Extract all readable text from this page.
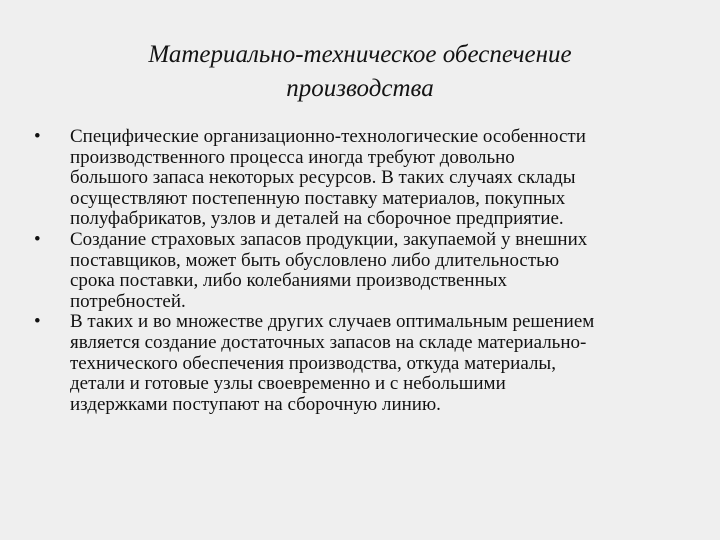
Материально-техническое обеспечение
производства
•	Специфические организационно-технологические особенности
производственного процесса иногда требуют довольно
большого запаса некоторых ресурсов. В таких случаях склады
осуществляют постепенную поставку материалов, покупных
полуфабрикатов, узлов и деталей на сборочное предприятие.
•	Создание страховых запасов продукции, закупаемой у внешних
поставщиков, может быть обусловлено либо длительностью
срока поставки, либо колебаниями производственных
потребностей.
•	В таких и во множестве других случаев оптимальным решением
является создание достаточных запасов на складе материально-
технического обеспечения производства, откуда материалы,
детали и готовые узлы своевременно и с небольшими
издержками поступают на сборочную линию.
